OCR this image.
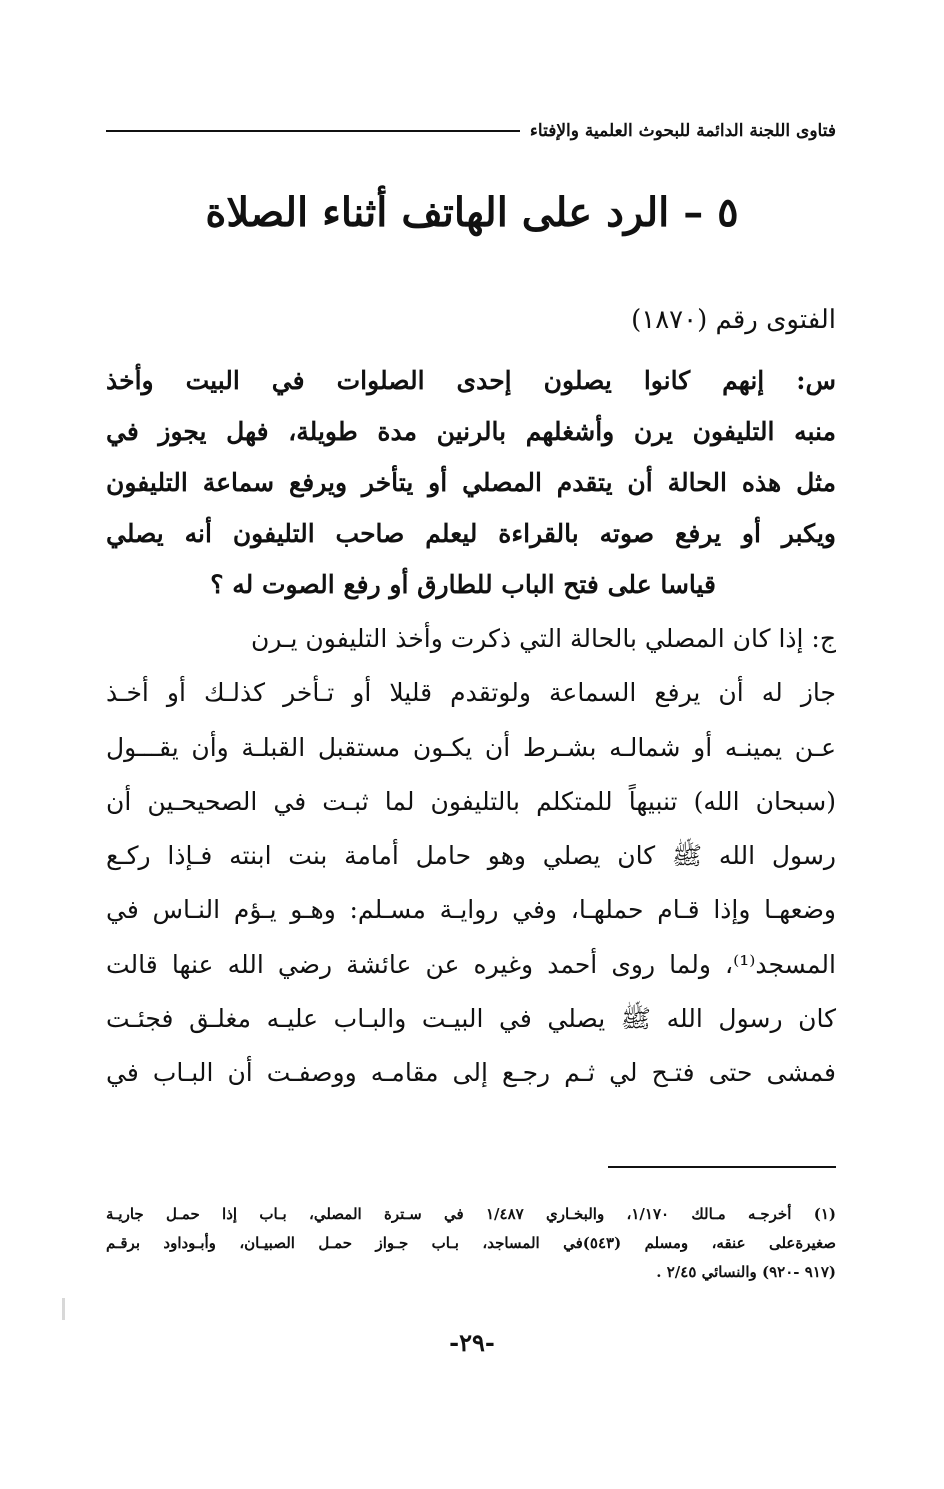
فتاوى اللجنة الدائمة للبحوث العلمية والإفتاء
٥ – الرد على الهاتف أثناء الصلاة
الفتوى رقم (١٨٧٠)
س: إنهم كانوا يصلون إحدى الصلوات في البيت وأخذ
منبه التليفون يرن وأشغلهم بالرنين مدة طويلة، فهل يجوز في
مثل هذه الحالة أن يتقدم المصلي أو يتأخر ويرفع سماعة التليفون
ويكبر أو يرفع صوته بالقراءة ليعلم صاحب التليفون أنه يصلي
قياسا على فتح الباب للطارق أو رفع الصوت له ؟
ج: إذا كان المصلي بالحالة التي ذكرت وأخذ التليفون يـرن
جاز له أن يرفع السماعة ولوتقدم قليلا أو تـأخر كذلـك أو أخـذ
عـن يمينـه أو شمالـه بشـرط أن يكـون مستقبل القبلـة وأن يقـــول
(سبحان الله) تنبيهاً للمتكلم بالتليفون لما ثبـت في الصحيحـين أن
رسول الله ﷺ كان يصلي وهو حامل أمامة بنت ابنته فـإذا ركـع
وضعهـا وإذا قـام حملهـا، وفي روايـة مسـلم: وهـو يـؤم النـاس في
المسجد⁽¹⁾، ولما روى أحمد وغيره عن عائشة رضي الله عنها قالت
كان رسول الله ﷺ يصلي في البيـت والبـاب عليـه مغلـق فجئـت
فمشى حتى فتـح لي ثـم رجـع إلى مقامـه ووصفـت أن البـاب في
(١) أخرجـه مـالك ١/١٧٠، والبخـاري ١/٤٨٧ في سـترة المصلي، بـاب إذا حمـل جاريـة
صغيرةعلى عنقه، ومسلم (٥٤٣)في المساجد، بـاب جـواز حمـل الصبيـان، وأبـوداود برقـم
(٩١٧ -٩٢٠) والنسائي ٢/٤٥ .
-٢٩-
